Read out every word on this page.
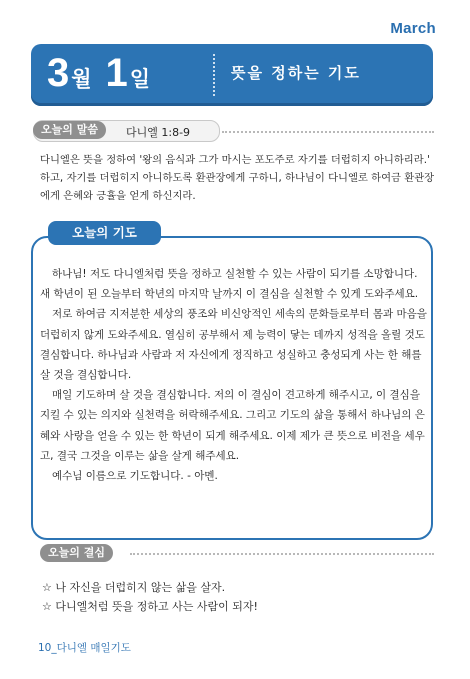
March
3월 1일	뜻을 정하는 기도
오늘의 말씀	다니엘 1:8-9
다니엘은 뜻을 정하여 '왕의 음식과 그가 마시는 포도주로 자기를 더럽히지 아니하리라.' 하고, 자기를 더럽히지 아니하도록 환관장에게 구하니, 하나님이 다니엘로 하여금 환관장에게 은혜와 긍휼을 얻게 하신지라.
오늘의 기도

하나님! 저도 다니엘처럼 뜻을 정하고 실천할 수 있는 사람이 되기를 소망합니다. 새 학년이 된 오늘부터 학년의 마지막 날까지 이 결심을 실천할 수 있게 도와주세요.

저로 하여금 지저분한 세상의 풍조와 비신앙적인 세속의 문화들로부터 몸과 마음을 더럽히지 않게 도와주세요. 열심히 공부해서 제 능력이 닿는 데까지 성적을 올릴 것도 결심합니다. 하나님과 사람과 저 자신에게 정직하고 성실하고 충성되게 사는 한 해를 살 것을 결심합니다.

매일 기도하며 살 것을 결심합니다. 저의 이 결심이 견고하게 해주시고, 이 결심을 지킬 수 있는 의지와 실천력을 허락해주세요. 그리고 기도의 삶을 통해서 하나님의 은혜와 사랑을 얻을 수 있는 한 학년이 되게 해주세요. 이제 제가 큰 뜻으로 비전을 세우고, 결국 그것을 이루는 삶을 살게 해주세요.

예수님 이름으로 기도합니다. - 아멘.

오늘의 결심
☆ 나 자신을 더럽히지 않는 삶을 살자.
☆ 다니엘처럼 뜻을 정하고 사는 사람이 되자!
10_다니엘 매일기도
